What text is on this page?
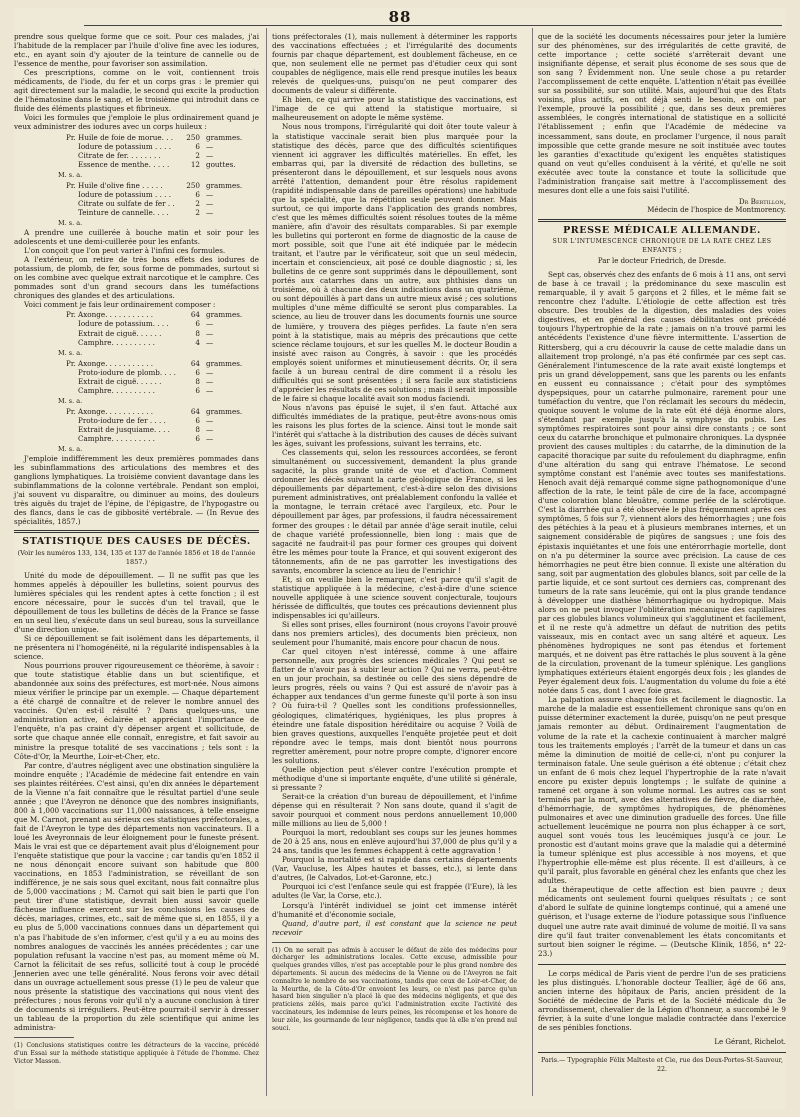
88

prendre sous quelque forme que ce soit. Pour ces malades, j'ai l'habitude de la remplacer par l'huile d'olive fine avec les iodures, etc., en ayant soin d'y ajouter de la teinture de cannelle ou de l'essence de menthe, pour favoriser son assimilation.

Ces prescriptions, comme on le voit, contiennent trois médicaments, de l'iode, du fer et un corps gras : le premier qui agit directement sur la maladie, le second qui excite la production de l'hématosine dans le sang, et le troisième qui introduit dans ce fluide des éléments plastiques et fibrineux.

Voici les formules que j'emploie le plus ordinairement quand je veux administrer des iodures avec un corps huileux :

Pr. Huile de foie de morue. . .	250 grammes.
Iodure de potassium . . . .	6 —
Citrate de fer. . . . . . . .	2 —
Essence de menthe. . . . .	12 gouttes.
M. s. a.
Pr. Huile d'olive fine . . . . .	250 grammes.
Iodure de potassium . . . .	6 —
Citrate ou sulfate de fer . .	2 —
Teinture de cannelle. . . .	2 —
M. s. a.

A prendre une cuillerée à bouche matin et soir pour les adolescents et une demi-cuillerée pour les enfants.

L'on conçoit que l'on peut varier à l'infini ces formules.

A l'extérieur, on retire de très bons effets des iodures de potassium, de plomb, de fer, sous forme de pommades, surtout si on les combine avec quelque extrait narcotique et le camphre. Ces pommades sont d'un grand secours dans les tuméfactions chroniques des glandes et des articulations.

Voici comment je fais leur ordinairement composer :

Pr. Axonge. . . . . . . . . . .	64 grammes.
Iodure de potassium. . . .	6 —
Extrait de ciguë. . . . . .	8 —
Camphre. . . . . . . . . .	4 —
M. s. a.
Pr. Axonge. . . . . . . . . . .	64 grammes.
Proto-iodure de plomb. . . .	6 —
Extrait de ciguë. . . . . .	8 —
Camphre. . . . . . . . . .	6 —
M. s. a.
Pr. Axonge. . . . . . . . . . .	64 grammes.
Proto-iodure de fer . . . .	6 —
Extrait de jusquiame. . . .	8 —
Camphre. . . . . . . . . .	6 —
M. s. a.

J'emploie indifféremment les deux premières pommades dans les subinflammations des articulations des membres et des ganglions lymphatiques. La troisième convient davantage dans les subinflammations de la colonne vertébrale. Pendant son emploi, j'ai souvent vu disparaître, ou diminuer au moins, des douleurs très aiguës du trajet de l'épine, de l'épigastre, de l'hypogastre ou des flancs, dans le cas de gibbosité vertébrale. — (In Revue des spécialités, 1857.)

STATISTIQUE DES CAUSES DE DÉCÈS.
(Voir les numéros 133, 134, 135 et 137 de l'année 1856 et 18 de l'année 1857.)

Unité du mode de dépouillement. — Il ne suffit pas que les hommes appelés à dépouiller les bulletins, soient pourvus des lumières spéciales qui les rendent aptes à cette fonction ; il est encore nécessaire, pour le succès d'un tel travail, que le dépouillement de tous les bulletins de décès de la France se fasse en un seul lieu, s'exécute dans un seul bureau, sous la surveillance d'une direction unique.

Si ce dépouillement se fait isolément dans les départements, il ne présentera ni l'homogénéité, ni la régularité indispensables à la science.

Nous pourrions prouver rigoureusement ce théorème, à savoir : que toute statistique établie dans un but scientifique, et abandonnée aux soins des préfectures, est mort-née. Nous aimons mieux vérifier le principe par un exemple. — Chaque département a été chargé de connaître et de relever le nombre annuel des vaccinés. Qu'en est-il résulté ? Dans quelques-uns, une administration active, éclairée et appréciant l'importance de l'enquête, n'a pas craint d'y dépenser argent et sollicitude, de sorte que chaque année elle connaît, enregistre, et fait savoir au ministre la presque totalité de ses vaccinations ; tels sont : la Côte-d'Or, la Meurthe, Loir-et-Cher, etc.

Par contre, d'autres négligent avec une obstination singulière la moindre enquête ; l'Académie de médecine fait entendre en vain ses plaintes réitérées. C'est ainsi, qu'en dix années le département de la Vienne n'a fait connaître que le résultat partiel d'une seule année ; que l'Aveyron ne dénonce que des nombres insignifiants, 800 à 1,000 vaccinations sur 11,000 naissances, à telle enseigne que M. Carnot, prenant au sérieux ces statistiques préfectorales, a fait de l'Aveyron le type des départements non vaccinateurs. Il a loué les Aveyronnais de leur éloignement pour le funeste présent. Mais le vrai est que ce département avait plus d'éloignement pour l'enquête statistique que pour la vaccine ; car tandis qu'en 1852 il ne nous dénonçait encore suivant son habitude que 800 vaccinations, en 1853 l'administration, se réveillant de son indifférence, je ne sais sous quel excitant, nous fait connaître plus de 5,000 vaccinations ; M. Carnot qui sait bien le parti que l'on peut tirer d'une statistique, devrait bien aussi savoir quelle fâcheuse influence exercent sur les conclusions les causes de décès, mariages, crimes, etc., sait de même que si, en 1855, il y a eu plus de 5,000 vaccinations connues dans un département qui n'a pas l'habitude de s'en informer, c'est qu'il y a eu au moins des nombres analogues de vaccinés les années précédentes ; car une population refusant la vaccine n'est pas, au moment même où M. Carnot la félicitait de ses refus, sollicité tout à coup le procédé Jennerien avec une telle généralité. Nous ferons voir avec détail dans un ouvrage actuellement sous presse (1) le peu de valeur que nous présente la statistique des vaccinations qui nous vient des préfectures ; nous ferons voir qu'il n'y a aucune conclusion à tirer de documents si irréguliers. Peut-être pourrait-il servir à dresser un tableau de la proportion du zèle scientifique qui anime les administra-

(1) Conclusions statistiques contre les détracteurs de la vaccine, précédé d'un Essai sur la méthode statistique appliquée à l'étude de l'homme. Chez Victor Masson.

tions préfectorales (1), mais nullement à déterminer les rapports des vaccinations effectuées ; et l'irrégularité des documents fournis par chaque département, est doublement fâcheuse, en ce que, non seulement elle ne permet pas d'étudier ceux qui sont coupables de négligence, mais elle rend presque inutiles les beaux relevés de quelques-uns, puisqu'on ne peut comparer des documents de valeur si différente.

Eh bien, ce qui arrive pour la statistique des vaccinations, est l'image de ce qui attend la statistique mortuaire, si malheureusement on adopte le même système.

Nous nous trompons, l'irrégularité qui doit ôter toute valeur à la statistique vaccinale serait bien plus marquée pour la statistique des décès, parce que des difficultés scientifiques viennent ici aggraver les difficultés matérielles. En effet, les embarras qui, par la diversité de rédaction des bulletins, se présenteront dans le dépouillement, et sur lesquels nous avons arrêté l'attention, demandent pour être résolus rapidement (rapidité indispensable dans de pareilles opérations) une habitude que la spécialité, que la répétition seule peuvent donner. Mais surtout, ce qui importe dans l'application des grands nombres, c'est que les mêmes difficultés soient résolues toutes de la même manière, afin d'avoir des résultats comparables. Si par exemple les bulletins qui porteront en forme de diagnostic de la cause de mort possible, soit que l'une ait été indiquée par le médecin traitant, et l'autre par le vérificateur, soit que un seul médecin, incertain et consciencieux, ait posé ce double diagnostic ; si, les bulletins de ce genre sont supprimés dans le dépouillement, sont portés aux catarrhes dans un autre, aux phthisies dans un troisième, où à chacune des deux indications dans un quatrième, ou sont dépouillés à part dans un autre mieux avisé ; ces solutions multiples d'une même difficulté se seront plus comparables. La science, au lieu de trouver dans les documents fournis une source de lumière, y trouvera des pièges perfides. La faute n'en sera point à la statistique, mais au mépris des précautions que cette science réclame toujours, et sur les quelles M. le docteur Boudin a insisté avec raison au Congrès, à savoir : que les procédés employés soient uniformes et minutieusement décrits. Or, il sera facile à un bureau central de dire comment il a résolu les difficultés qui se sont présentées ; il sera facile aux statisticiens d'apprécier les résultats de ces solutions ; mais il serait impossible de le faire si chaque localité avait son modus faciendi.

Nous n'avons pas épuisé le sujet, il s'en faut. Attaché aux difficultés immédiates de la pratique, peut-être avons-nous omis les raisons les plus fortes de la science. Ainsi tout le monde sait l'intérêt qui s'attache à la distribution des causes de décès suivant les âges, suivant les professions, suivant les terrains, etc.

Ces classements qui, selon les ressources accordées, se feront simultanément ou successivement, demandent la plus grande sagacité, la plus grande unité de vue et d'action. Comment ordonner les décès suivant la carte géologique de France, si les dépouillements par département, c'est-à-dire selon des divisions purement administratives, ont préalablement confondu la vallée et la montagne, le terrain crétacé avec l'argileux, etc. Pour le dépouillement par âges, par professions, il faudra nécessairement former des groupes : le détail par année d'âge serait inutile, celui de chaque variété professionnelle, bien long : mais que de sagacité ne faudrait-il pas pour former ces groupes qui doivent être les mêmes pour toute la France, et qui souvent exigeront des tâtonnements, afin de ne pas garrotter les investigations des savants, encombrer la science au lieu de l'enrichir !

Et, si on veuille bien le remarquer, c'est parce qu'il s'agit de statistique appliquée à la médecine, c'est-à-dire d'une science nouvelle appliquée à une science souvent conjecturale, toujours hérissée de difficultés, que toutes ces précautions deviennent plus indispensables ici qu'ailleurs.

Si elles sont prises, elles fourniront (nous croyons l'avoir prouvé dans nos premiers articles), des documents bien précieux, non seulement pour l'humanité, mais encore pour chacun de nous.

Car quel citoyen n'est intéressé, comme à une affaire personnelle, aux progrès des sciences médicales ? Qui peut se flatter de n'avoir pas à subir leur action ? Qui ne verra, peut-être en un jour prochain, sa destinée ou celle des siens dépendre de leurs progrès, réels ou vains ? Qui est assuré de n'avoir pas à échapper aux tendances d'un germe funeste qu'il porte à son insu ? Où fuira-t-il ? Quelles sont les conditions professionnelles, géologiques, climatériques, hygiéniques, les plus propres à éteindre une fatale disposition héréditaire ou acquise ? Voilà de bien graves questions, auxquelles l'enquête projetée peut et doit répondre avec le temps, mais dont bientôt nous pourrons regretter amèrement, pour notre propre compte, d'ignorer encore les solutions.

Quelle objection peut s'élever contre l'exécution prompte et méthodique d'une si importante enquête, d'une utilité si générale, si pressante ?

Serait-ce la création d'un bureau de dépouillement, et l'infime dépense qui en résulterait ? Non sans doute, quand il s'agit de savoir pourquoi et comment nous perdons annuellement 10,000 mille millions au lieu de 5,000 !

Pourquoi la mort, redoublant ses coups sur les jeunes hommes de 20 à 25 ans, nous en enlève aujourd'hui 37,000 de plus qu'il y a 24 ans, tandis que les femmes échappent à cette aggravation !

Pourquoi la mortalité est si rapide dans certains départements (Var, Vaucluse, les Alpes hautes et basses, etc.), si lente dans d'autres, (le Calvados, Lot-et-Garonne, etc.)

Pourquoi ici c'est l'enfance seule qui est frappée (l'Eure), là les adultes (le Var, la Corse, etc.).

Lorsqu'à l'intérêt individuel se joint cet immense intérêt d'humanité et d'économie sociale,

Quand, d'autre part, il est constant que la science ne peut recevoir

(1) On ne serait pas admis à accuser le défaut de zèle des médecins pour décharger les administrations locales. Cette excuse, admissible pour quelques grandes villes, n'est pas acceptable pour le plus grand nombre des départements. Si aucun des médecins de la Vienne ou de l'Aveyron ne fait connaître le nombre de ses vaccinations, tandis que ceux de Loir-et-Cher, de la Meurthe, de la Côte-d'Or envoient les leurs, ce n'est pas parce qu'un hasard bien singulier n'a placé là que des médecins négligents, et que des praticiens zélés, mais parce qu'ici l'administration excite l'activité des vaccinateurs, les indemnise de leurs peines, les récompense et les honore de leur zèle, les gourmande de leur négligence, tandis que là elle n'en prend nul souci.

que de la société les documents nécessaires pour jeter la lumière sur des phénomènes, sur des irrégularités de cette gravité, de cette importance ; cette société s'arrêterait devant une insignifiante dépense, et serait plus économe de ses sous que de son sang ? Évidemment non. Une seule chose a pu retarder l'accomplissement de cette enquête. L'attention n'était pas éveillée sur sa possibilité, sur son utilité. Mais, aujourd'hui que des États voisins, plus actifs, en ont déjà senti le besoin, en ont par l'exemple, prouvé la possibilité ; que, dans ses deux premières assemblées, le congrès international de statistique en a sollicité l'établissement ; enfin que l'Académie de médecine va incessamment, sans doute, en proclamer l'urgence, il nous paraît impossible que cette grande mesure ne soit instituée avec toutes les garanties d'exactitude qu'exigent les enquêtes statistiques quand on veut qu'elles conduisent à la vérité, et qu'elle ne soit exécutée avec toute la constance et toute la sollicitude que l'administration française sait mettre à l'accomplissement des mesures dont elle a une fois saisi l'utilité.

Dr Bertillon,
Médecin de l'hospice de Montmorency.
PRESSE MÉDICALE ALLEMANDE.
SUR L'INTUMESCENCE CHRONIQUE DE LA RATE CHEZ LES ENFANTS ;
Par le docteur Friedrich, de Dresde.

Sept cas, observés chez des enfants de 6 mois à 11 ans, ont servi de base à ce travail ; la prédominance du sexe masculin est remarquable, il y avait 5 garçons et 2 filles, et le même fait se rencontre chez l'adulte. L'étiologie de cette affection est très obscure. Des troubles de la digestion, des maladies des voies digestives, et en général des causes débilitantes ont précédé toujours l'hypertrophie de la rate ; jamais on n'a trouvé parmi les antécédents l'existence d'une fièvre intermittente. L'assertion de Rittersberg, qui a cru découvrir la cause de cette maladie dans un allaitement trop prolongé, n'a pas été confirmée par ces sept cas. Généralement l'intumescence de la rate avait existé longtemps et pris un grand développement, sans que les parents ou les enfants en eussent eu connaissance ; c'était pour des symptômes dyspepsiques, pour un catarrhe pulmonaire, rarement pour une tuméfaction du ventre, que l'on réclamait les secours du médecin, quoique souvent le volume de la rate eût été déjà énorme alors, s'étendant par exemple jusqu'à la symphyse du pubis. Les symptômes respiratoires sont pour ainsi dire constants ; ce sont ceux du catarrhe bronchique et pulmonaire chroniques. La dyspnée provient des causes multiples : du catarrhe, de la diminution de la capacité thoracique par suite du refoulement du diaphragme, enfin d'une altération du sang qui entrave l'hématose. Le second symptôme constant est l'anémie avec toutes ses manifestations. Henoch avait déjà remarqué comme signe pathognomonique d'une affection de la rate, le teint pâle de cire de la face, accompagné d'une coloration blanc bleuâtre, comme perlée de la sclérotique. C'est la diarrhée qui a été observée le plus fréquemment après ces symptômes, 5 fois sur 7, viennent alors des hémorrhagies ; une fois des pétéchies à la peau et à plusieurs membranes internes, et un saignement considérable de piqûres de sangsues ; une fois des épistaxis inquiétantes et une fois une entérorrhagie mortelle, dont on n'a pu déterminer la source avec précision. La cause de ces hémorrhagies ne peut être bien connue. Il existe une altération du sang, soit par augmentation des globules blancs, soit par celle de la partie liquide, et ce sont surtout ces derniers cas, comprenant des tumeurs de la rate sans leucémie, qui ont la plus grande tendance à développer une diathèse hémorrhagique ou hydropique. Mais alors on ne peut invoquer l'oblitération mécanique des capillaires par ces globules blancs volumineux qui s'agglutinent et facilement, et il ne reste qu'à admettre un défaut de nutrition des petits vaisseaux, mis en contact avec un sang altéré et aqueux. Les phénomènes hydropiques ne sont pas étendus et fortement marqués, et ne doivent pas être rattachés le plus souvent à la gêne de la circulation, provenant de la tumeur splénique. Les ganglions lymphatiques extérieurs étaient engorgés deux fois ; les glandes de Peyer également deux fois. L'augmentation du volume du foie a été notée dans 5 cas, dont 1 avec foie gras.

La palpation assure chaque fois et facilement le diagnostic. La marche de la maladie est essentiellement chronique sans qu'on en puisse déterminer exactement la durée, puisqu'on ne peut presque jamais remonter au début. Ordinairement l'augmentation de volume de la rate et la cachexie continuaient à marcher malgré tous les traitements employés ; l'arrêt de la tumeur et dans un cas même la diminution de moitié de celle-ci, n'ont pu conjurer la terminaison fatale. Une seule guérison a été obtenue ; c'était chez un enfant de 6 mois chez lequel l'hypertrophie de la rate n'avait encore pu exister depuis longtemps ; le sulfate de quinine a ramené cet organe à son volume normal. Les autres cas se sont terminés par la mort, avec des alternatives de fièvre, de diarrhée, d'hémorrhagie, de symptômes hydropiques, de phénomènes pulmonaires et avec une diminution graduelle des forces. Une fille actuellement leucémique ne pourra non plus échapper à ce sort, auquel sont voués tous les leucémiques jusqu'à ce jour. Le pronostic est d'autant moins grave que la maladie qui a déterminé la tumeur splénique est plus accessible à nos moyens, et que l'hypertrophie elle-même est plus récente. Il est d'ailleurs, à ce qu'il paraît, plus favorable en général chez les enfants que chez les adultes.

La thérapeutique de cette affection est bien pauvre ; deux médicaments ont seulement fourni quelques résultats ; ce sont d'abord le sulfate de quinine longtemps continué, qui a amené une guérison, et l'usage externe de l'iodure potassique sous l'influence duquel une autre rate avait diminué de volume de moitié. Il va sans dire qu'il faut traiter convenablement les états concomitants et surtout bien soigner le régime. — (Deutsche Klinik, 1856, n° 22-23.)

Le corps médical de Paris vient de perdre l'un de ses praticiens les plus distingués. L'honorable docteur Teallier, âgé de 66 ans, ancien interne des hôpitaux de Paris, ancien président de la Société de médecine de Paris et de la Société médicale du 3e arrondissement, chevalier de la Légion d'honneur, a succombé le 9 février, à la suite d'une longue maladie contractée dans l'exercice de ses pénibles fonctions.

Le Gérant, Richelot.
Paris.— Typographie Félix Malteste et Cie, rue des Deux-Portes-St-Sauveur, 22.
